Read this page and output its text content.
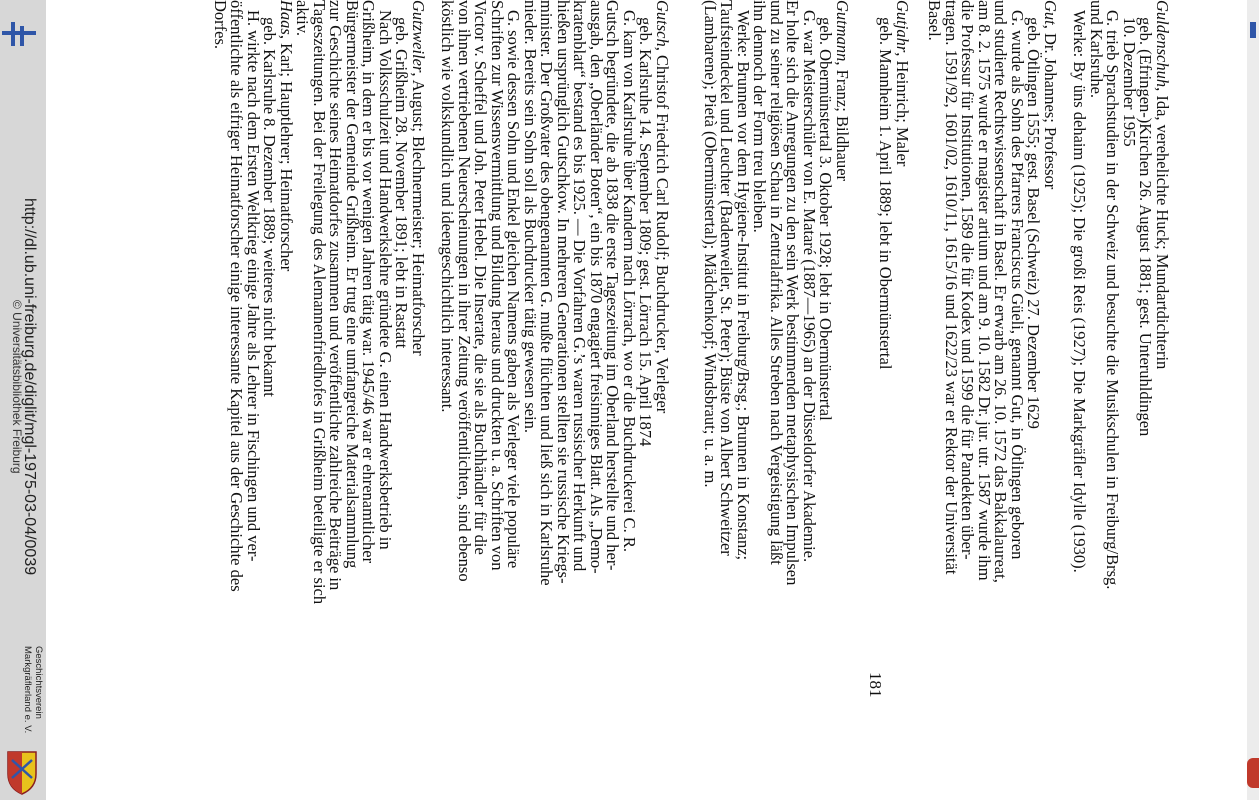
http://dl.ub.uni-freiburg.de/diglit/mgl-1975-03-04/0039
© Universitätsbibliothek Freiburg
Geschichtsverein
Markgräflerland e. V.
Guldenschuh, Ida, verehelichte Huck; Mundartdichterin
geb. (Efringen-)Kirchen 26. August 1881; gest. Unteruhldingen
10. Dezember 1955
G. trieb Sprachstudien in der Schweiz und besuchte die Musikschulen in Freiburg/Brsg.
und Karlsruhe.
Werke: By üns dehaim (1925); Die großi Reis (1927); Die Markgräfler Idylle (1930).
Gut, Dr. Johannes; Professor
geb. Ötlingen 1555; gest. Basel (Schweiz) 27. Dezember 1629
G. wurde als Sohn des Pfarrers Franciscus Güeli, genannt Gut, in Ötlingen geboren
und studierte Rechtswissenschaft in Basel. Er erwarb am 26. 10. 1572 das Bakkalaureat,
am 8. 2. 1575 wurde er magister artium und am 9. 10. 1582 Dr. jur. utr. 1587 wurde ihm
die Professur für Institutionen, 1589 die für Kodex und 1599 die für Pandekten über-
tragen. 1591/92, 1601/02, 1610/11, 1615/16 und 1622/23 war er Rektor der Universität
Basel.
Gutjahr, Heinrich; Maler
geb. Mannheim 1. April 1889; lebt in Obermünstertal
Gutmann, Franz; Bildhauer
geb. Obermünstertal 3. Oktober 1928; lebt in Obermünstertal
G. war Meisterschüler von E. Mataré (1887—1965) an der Düsseldorfer Akademie.
Er holte sich die Anregungen zu den sein Werk bestimmenden metaphysischen Impulsen
und zu seiner religiösen Schau in Zentralafrika. Alles Streben nach Vergeistigung läßt
ihn dennoch der Form treu bleiben.
Werke: Brunnen vor dem Hygiene-Institut in Freiburg/Brsg.; Brunnen in Konstanz;
Taufsteindeckel und Leuchter (Badenweiler, St. Peter); Büste von Albert Schweitzer
(Lambarene); Pietà (Obermünstertal); Mädchenkopf; Windsbraut; u. a. m.
Gutsch, Christof Friedrich Carl Rudolf; Buchdrucker, Verleger
geb. Karlsruhe 14. September 1809; gest. Lörrach 15. April 1874
G. kam von Karlsruhe über Kandern nach Lörrach, wo er die Buchdruckerei C. R.
Gutsch begründete, die ab 1838 die erste Tageszeitung im Oberland herstellte und her-
ausgab, den „Oberländer Boten“, ein bis 1870 engagiert freisinniges Blatt. Als „Demo-
kratenblatt“ bestand es bis 1925. — Die Vorfahren G.’s waren russischer Herkunft und
hießen ursprünglich Gutschkow. In mehreren Generationen stellten sie russische Kriegs-
minister. Der Großvater des obengenannten G. mußte flüchten und ließ sich in Karlsruhe
nieder. Bereits sein Sohn soll als Buchdrucker tätig gewesen sein.
G. sowie dessen Sohn und Enkel gleichen Namens gaben als Verleger viele populäre
Schriften zur Wissensvermittlung und Bildung heraus und druckten u. a. Schriften von
Victor v. Scheffel und Joh. Peter Hebel. Die Inserate, die sie als Buchhändler für die
von ihnen vertriebenen Neuerscheinungen in ihrer Zeitung veröffentlichten, sind ebenso
köstlich wie volkskundlich und ideengeschichtlich interessant.
Gutzweiler, August; Blechnermeister; Heimatforscher
geb. Grißheim 28. November 1891; lebt in Rastatt
Nach Volksschulzeit und Handwerkslehre gründete G. einen Handwerksbetrieb in
Grißheim, in dem er bis vor wenigen Jahren tätig war. 1945/46 war er ehrenamtlicher
Bürgermeister der Gemeinde Grißheim. Er trug eine umfangreiche Materialsammlung
zur Geschichte seines Heimatdorfes zusammen und veröffentlichte zahlreiche Beiträge in
Tageszeitungen. Bei der Freilegung des Alemannenfriedhofes in Grißheim beteiligte er sich
aktiv.
Haas, Karl; Hauptlehrer; Heimatforscher
geb. Karlsruhe 8. Dezember 1889; weiteres nicht bekannt
H. wirkte nach dem Ersten Weltkrieg einige Jahre als Lehrer in Fischingen und ver-
öffentlichte als eifriger Heimatforscher einige interessante Kapitel aus der Geschichte des
Dorfes.
181
